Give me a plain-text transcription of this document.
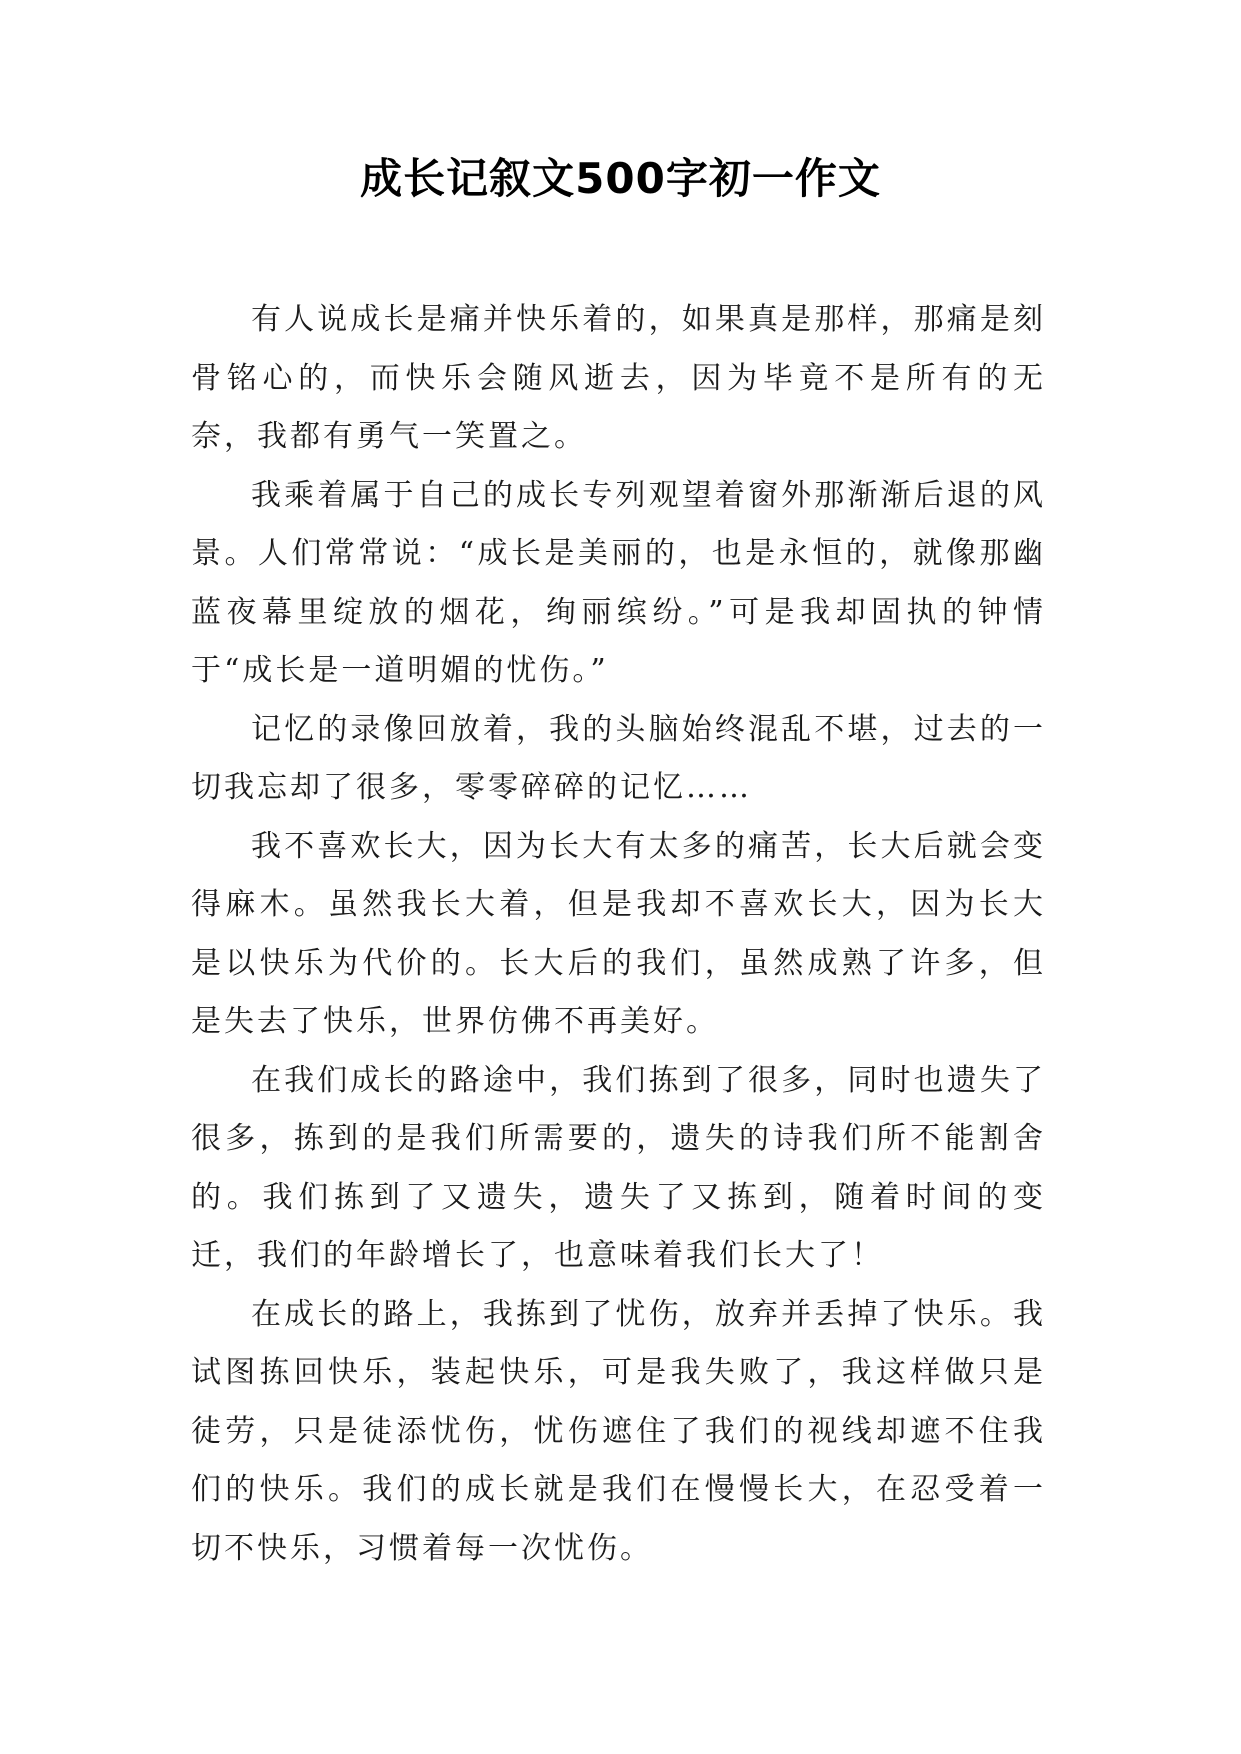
成长记叙文500字初一作文

有人说成长是痛并快乐着的，如果真是那样，那痛是刻骨铭心的，而快乐会随风逝去，因为毕竟不是所有的无奈，我都有勇气一笑置之。

我乘着属于自己的成长专列观望着窗外那渐渐后退的风景。人们常常说：“成长是美丽的，也是永恒的，就像那幽蓝夜幕里绽放的烟花，绚丽缤纷。”可是我却固执的钟情于“成长是一道明媚的忧伤。”

记忆的录像回放着，我的头脑始终混乱不堪，过去的一切我忘却了很多，零零碎碎的记忆……

我不喜欢长大，因为长大有太多的痛苦，长大后就会变得麻木。虽然我长大着，但是我却不喜欢长大，因为长大是以快乐为代价的。长大后的我们，虽然成熟了许多，但是失去了快乐，世界仿佛不再美好。

在我们成长的路途中，我们拣到了很多，同时也遗失了很多，拣到的是我们所需要的，遗失的诗我们所不能割舍的。我们拣到了又遗失，遗失了又拣到，随着时间的变迁，我们的年龄增长了，也意味着我们长大了！

在成长的路上，我拣到了忧伤，放弃并丢掉了快乐。我试图拣回快乐，装起快乐，可是我失败了，我这样做只是徒劳，只是徒添忧伤，忧伤遮住了我们的视线却遮不住我们的快乐。我们的成长就是我们在慢慢长大，在忍受着一切不快乐，习惯着每一次忧伤。
